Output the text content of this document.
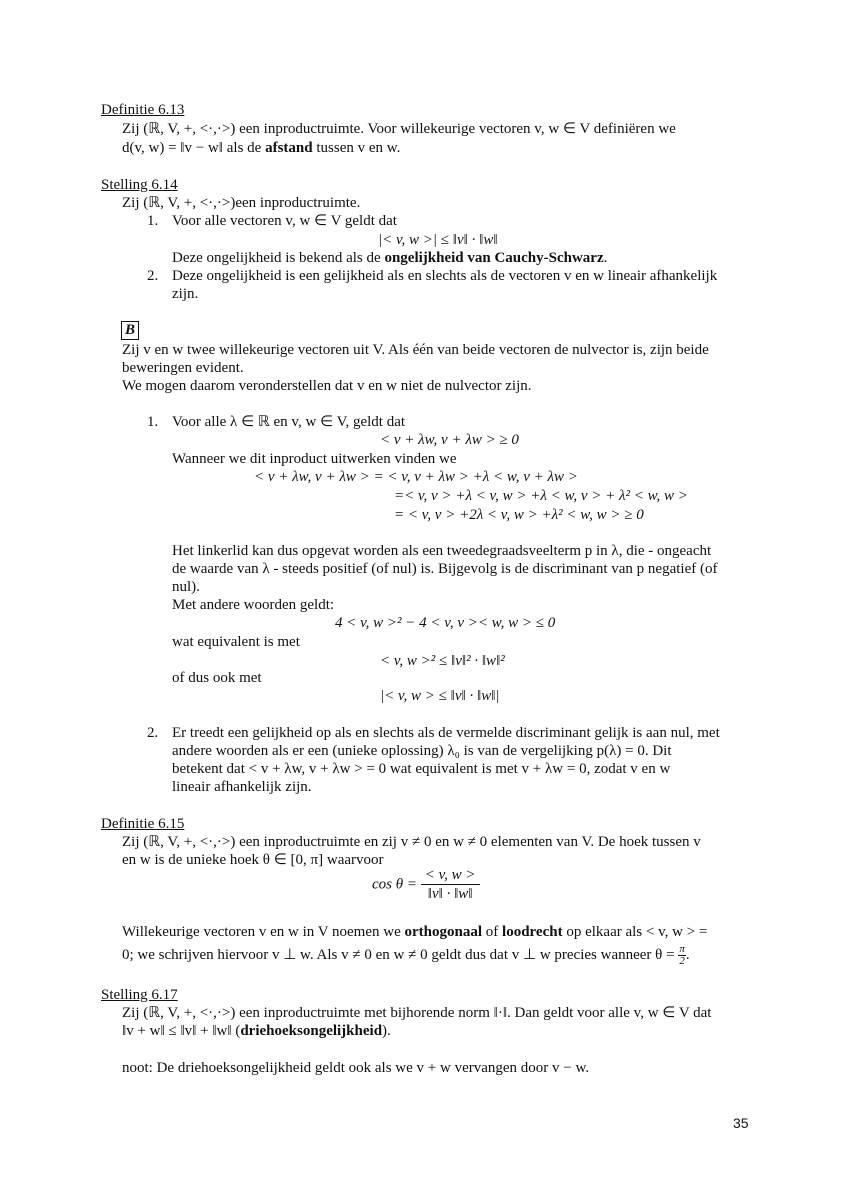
Definitie 6.13
Zij (ℝ, V, +, <·,·>) een inproductruimte. Voor willekeurige vectoren v, w ∈ V definiëren we
d(v, w) = ‖v − w‖ als de afstand tussen v en w.
Stelling 6.14
Zij (ℝ, V, +, <·,·>)een inproductruimte.
1. Voor alle vectoren v, w ∈ V geldt dat
|< v, w >| ≤ ‖v‖ · ‖w‖
Deze ongelijkheid is bekend als de ongelijkheid van Cauchy-Schwarz.
2. Deze ongelijkheid is een gelijkheid als en slechts als de vectoren v en w lineair afhankelijk
zijn.
B
Zij v en w twee willekeurige vectoren uit V. Als één van beide vectoren de nulvector is, zijn beide
beweringen evident.
We mogen daarom veronderstellen dat v en w niet de nulvector zijn.
1. Voor alle λ ∈ ℝ en v, w ∈ V, geldt dat
< v + λw, v + λw > ≥ 0
Wanneer we dit inproduct uitwerken vinden we
< v + λw, v + λw > = < v, v + λw > +λ < w, v + λw >
=< v, v > +λ < v, w > +λ < w, v > + λ² < w, w >
= < v, v > +2λ < v, w > +λ² < w, w > ≥ 0
Het linkerlid kan dus opgevat worden als een tweedegraadsveelterm p in λ, die - ongeacht
de waarde van λ - steeds positief (of nul) is. Bijgevolg is de discriminant van p negatief (of
nul).
Met andere woorden geldt:
4 < v, w >² − 4 < v, v >< w, w > ≤ 0
wat equivalent is met
< v, w >² ≤ ‖v‖² · ‖w‖²
of dus ook met
|< v, w > ≤ ‖v‖ · ‖w‖|
2. Er treedt een gelijkheid op als en slechts als de vermelde discriminant gelijk is aan nul, met
andere woorden als er een (unieke oplossing) λ₀ is van de vergelijking p(λ) = 0. Dit
betekent dat < v + λw, v + λw > = 0 wat equivalent is met v + λw = 0, zodat v en w
lineair afhankelijk zijn.
Definitie 6.15
Zij (ℝ, V, +, <·,·>) een inproductruimte en zij v ≠ 0 en w ≠ 0 elementen van V. De hoek tussen v
en w is de unieke hoek θ ∈ [0, π] waarvoor
$\cos \theta = \frac{< v, w >}{‖v‖ \cdot ‖w‖}$
Willekeurige vectoren v en w in V noemen we orthogonaal of loodrecht op elkaar als < v, w > =
0; we schrijven hiervoor v ⊥ w. Als v ≠ 0 en w ≠ 0 geldt dus dat v ⊥ w precies wanneer $\theta = \frac{\pi}{2}$ .
Stelling 6.17
Zij (ℝ, V, +, <·,·>) een inproductruimte met bijhorende norm ‖·‖. Dan geldt voor alle v, w ∈ V dat
‖v + w‖ ≤ ‖v‖ + ‖w‖ (driehoeksongelijkheid).
noot: De driehoeksongelijkheid geldt ook als we v + w vervangen door v − w.
35
